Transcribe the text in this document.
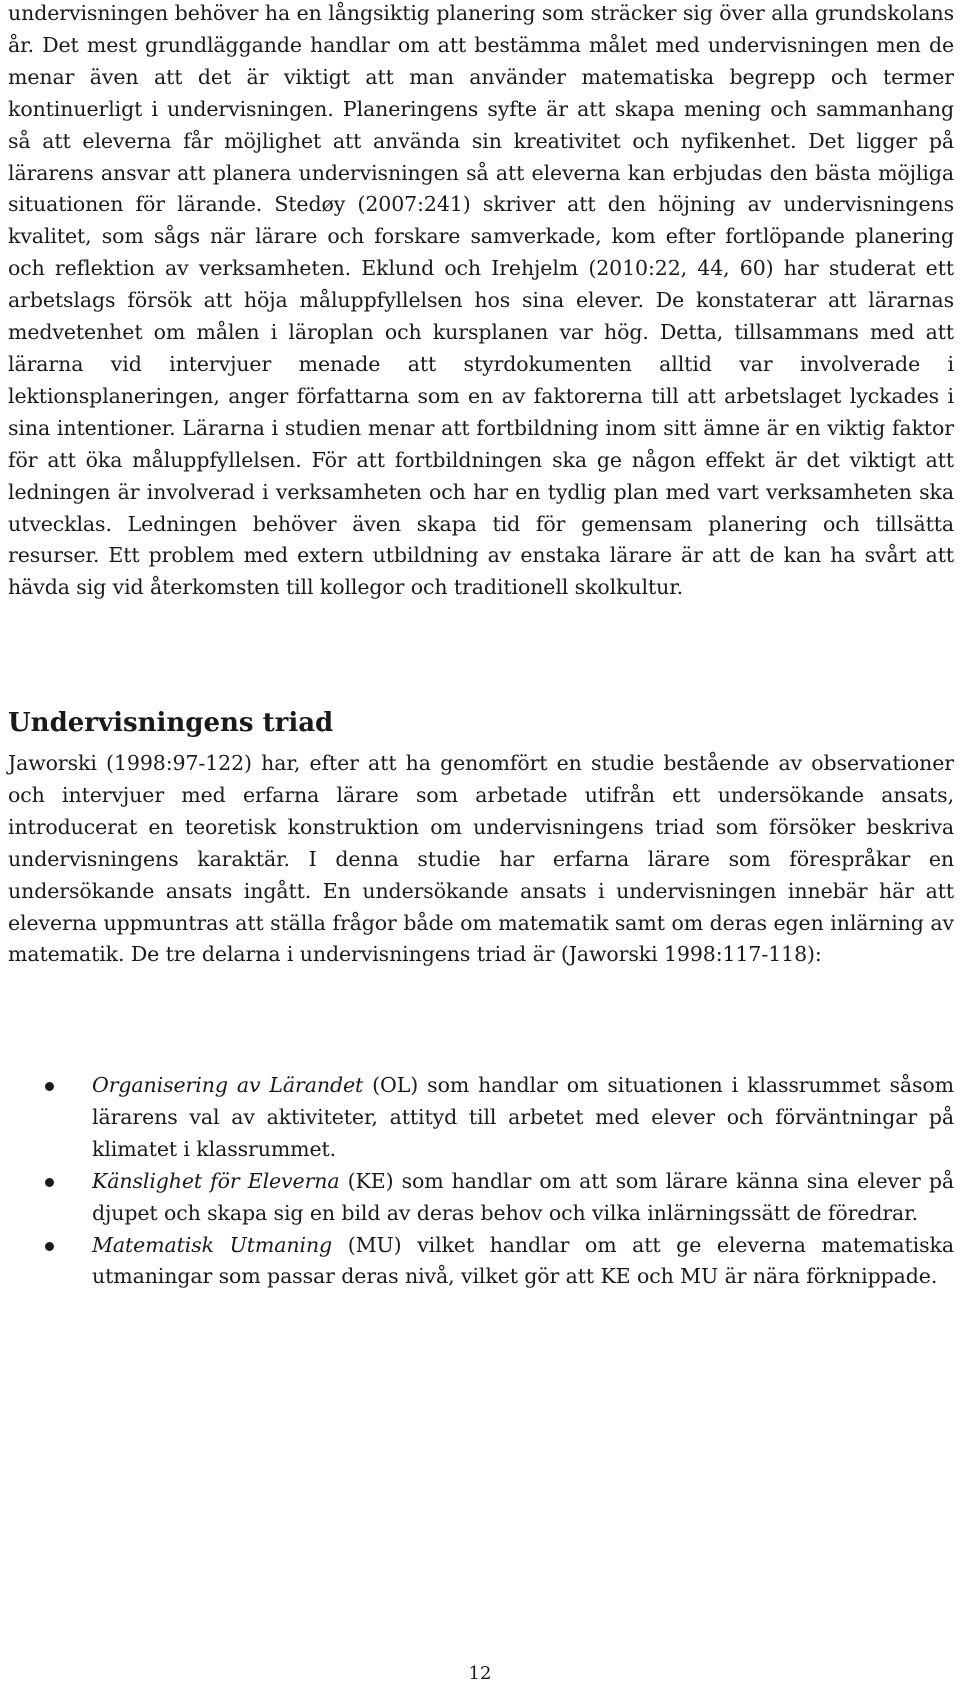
undervisningen behöver ha en långsiktig planering som sträcker sig över alla grundskolans år. Det mest grundläggande handlar om att bestämma målet med undervisningen men de menar även att det är viktigt att man använder matematiska begrepp och termer kontinuerligt i undervisningen. Planeringens syfte är att skapa mening och sammanhang så att eleverna får möjlighet att använda sin kreativitet och nyfikenhet. Det ligger på lärarens ansvar att planera undervisningen så att eleverna kan erbjudas den bästa möjliga situationen för lärande. Stedøy (2007:241) skriver att den höjning av undervisningens kvalitet, som sågs när lärare och forskare samverkade, kom efter fortlöpande planering och reflektion av verksamheten. Eklund och Irehjelm (2010:22, 44, 60) har studerat ett arbetslags försök att höja måluppfyllelsen hos sina elever. De konstaterar att lärarnas medvetenhet om målen i läroplan och kursplanen var hög. Detta, tillsammans med att lärarna vid intervjuer menade att styrdokumenten alltid var involverade i lektionsplaneringen, anger författarna som en av faktorerna till att arbetslaget lyckades i sina intentioner. Lärarna i studien menar att fortbildning inom sitt ämne är en viktig faktor för att öka måluppfyllelsen. För att fortbildningen ska ge någon effekt är det viktigt att ledningen är involverad i verksamheten och har en tydlig plan med vart verksamheten ska utvecklas. Ledningen behöver även skapa tid för gemensam planering och tillsätta resurser. Ett problem med extern utbildning av enstaka lärare är att de kan ha svårt att hävda sig vid återkomsten till kollegor och traditionell skolkultur.

Undervisningens triad

Jaworski (1998:97-122) har, efter att ha genomfört en studie bestående av observationer och intervjuer med erfarna lärare som arbetade utifrån ett undersökande ansats, introducerat en teoretisk konstruktion om undervisningens triad som försöker beskriva undervisningens karaktär. I denna studie har erfarna lärare som förespråkar en undersökande ansats ingått. En undersökande ansats i undervisningen innebär här att eleverna uppmuntras att ställa frågor både om matematik samt om deras egen inlärning av matematik. De tre delarna i undervisningens triad är (Jaworski 1998:117-118):

Organisering av Lärandet (OL) som handlar om situationen i klassrummet såsom lärarens val av aktiviteter, attityd till arbetet med elever och förväntningar på klimatet i klassrummet.
Känslighet för Eleverna (KE) som handlar om att som lärare känna sina elever på djupet och skapa sig en bild av deras behov och vilka inlärningssätt de föredrar.
Matematisk Utmaning (MU) vilket handlar om att ge eleverna matematiska utmaningar som passar deras nivå, vilket gör att KE och MU är nära förknippade.

12
